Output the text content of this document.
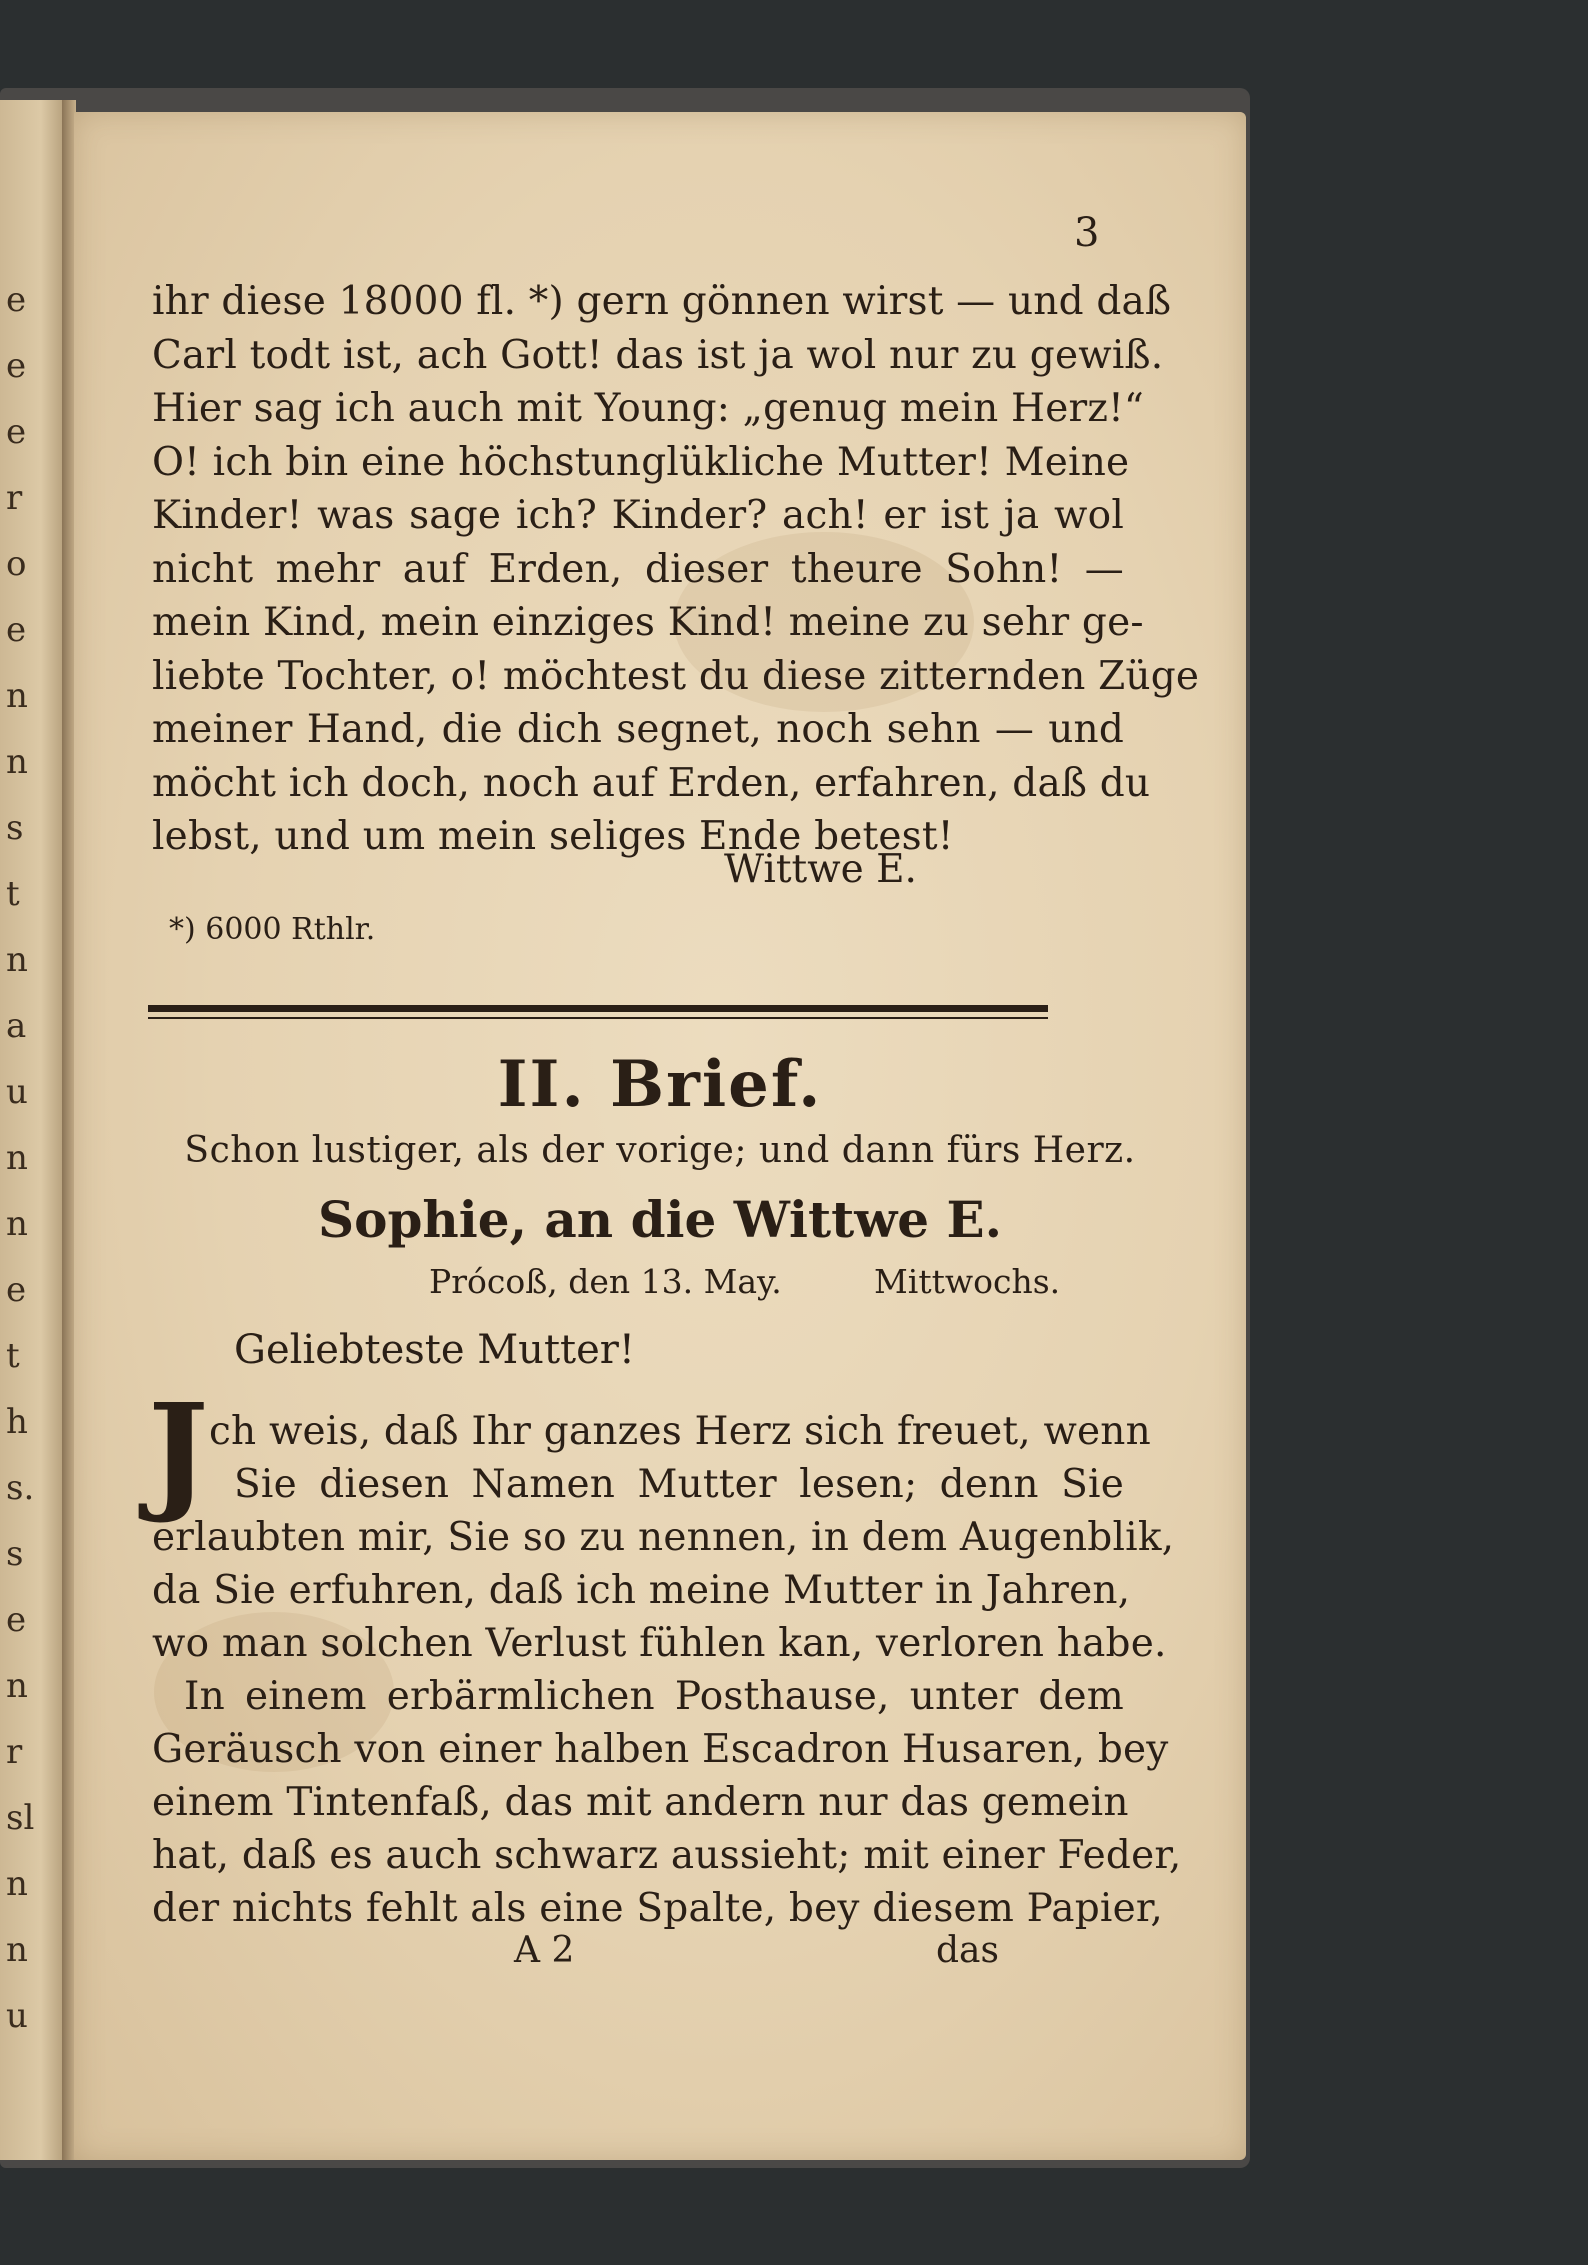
e
e
e
r
o
e
n
n
s
t
n
a
u
n
n
e
t
h
s.
s
e
n
r
sl
n
n
u
3
ihr diese 18000 fl. *) gern gönnen wirst — und daß
Carl todt ist, ach Gott! das ist ja wol nur zu gewiß.
Hier sag ich auch mit Young: „genug mein Herz!“
O! ich bin eine höchstunglükliche Mutter! Meine
Kinder! was sage ich? Kinder? ach! er ist ja wol
nicht mehr auf Erden, dieser theure Sohn! —
mein Kind, mein einziges Kind! meine zu sehr ge-
liebte Tochter, o! möchtest du diese zitternden Züge
meiner Hand, die dich segnet, noch sehn — und
möcht ich doch, noch auf Erden, erfahren, daß du
lebst, und um mein seliges Ende betest!
Wittwe E.
*) 6000 Rthlr.
II. Brief.
Schon lustiger, als der vorige; und dann fürs Herz.
Sophie, an die Wittwe E.
Prócoß, den 13. May.	Mittwochs.
Geliebteste Mutter!
J ch weis, daß Ihr ganzes Herz sich freuet, wenn
Sie diesen Namen Mutter lesen; denn Sie
erlaubten mir, Sie so zu nennen, in dem Augenblik,
da Sie erfuhren, daß ich meine Mutter in Jahren,
wo man solchen Verlust fühlen kan, verloren habe.
In einem erbärmlichen Posthause, unter dem
Geräusch von einer halben Escadron Husaren, bey
einem Tintenfaß, das mit andern nur das gemein
hat, daß es auch schwarz aussieht; mit einer Feder,
der nichts fehlt als eine Spalte, bey diesem Papier,
A 2	das
